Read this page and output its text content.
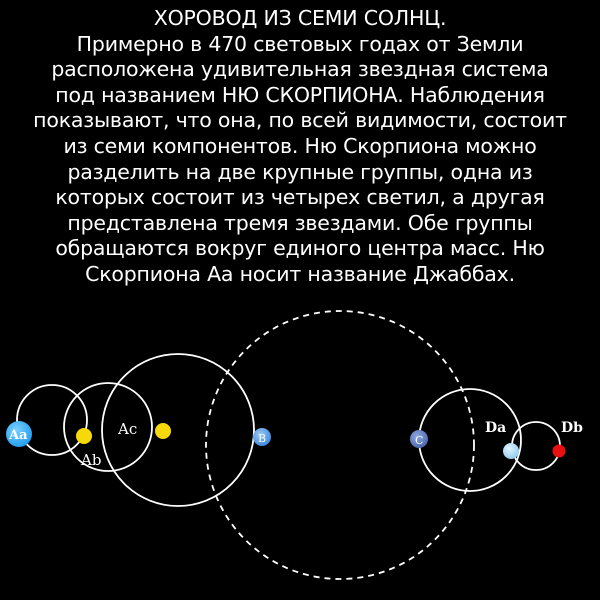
ХОРОВОД ИЗ СЕМИ СОЛНЦ.
Примерно в 470 световых годах от Земли
расположена удивительная звездная система
под названием НЮ СКОРПИОНА. Наблюдения
показывают, что она, по всей видимости, состоит
из семи компонентов. Ню Скорпиона можно
разделить на две крупные группы, одна из
которых состоит из четырех светил, а другая
представлена тремя звездами. Обе группы
обращаются вокруг единого центра масс. Ню
Скорпиона Аа носит название Джаббах.
Aa
Ab
Ac
B	C
Da	Db
